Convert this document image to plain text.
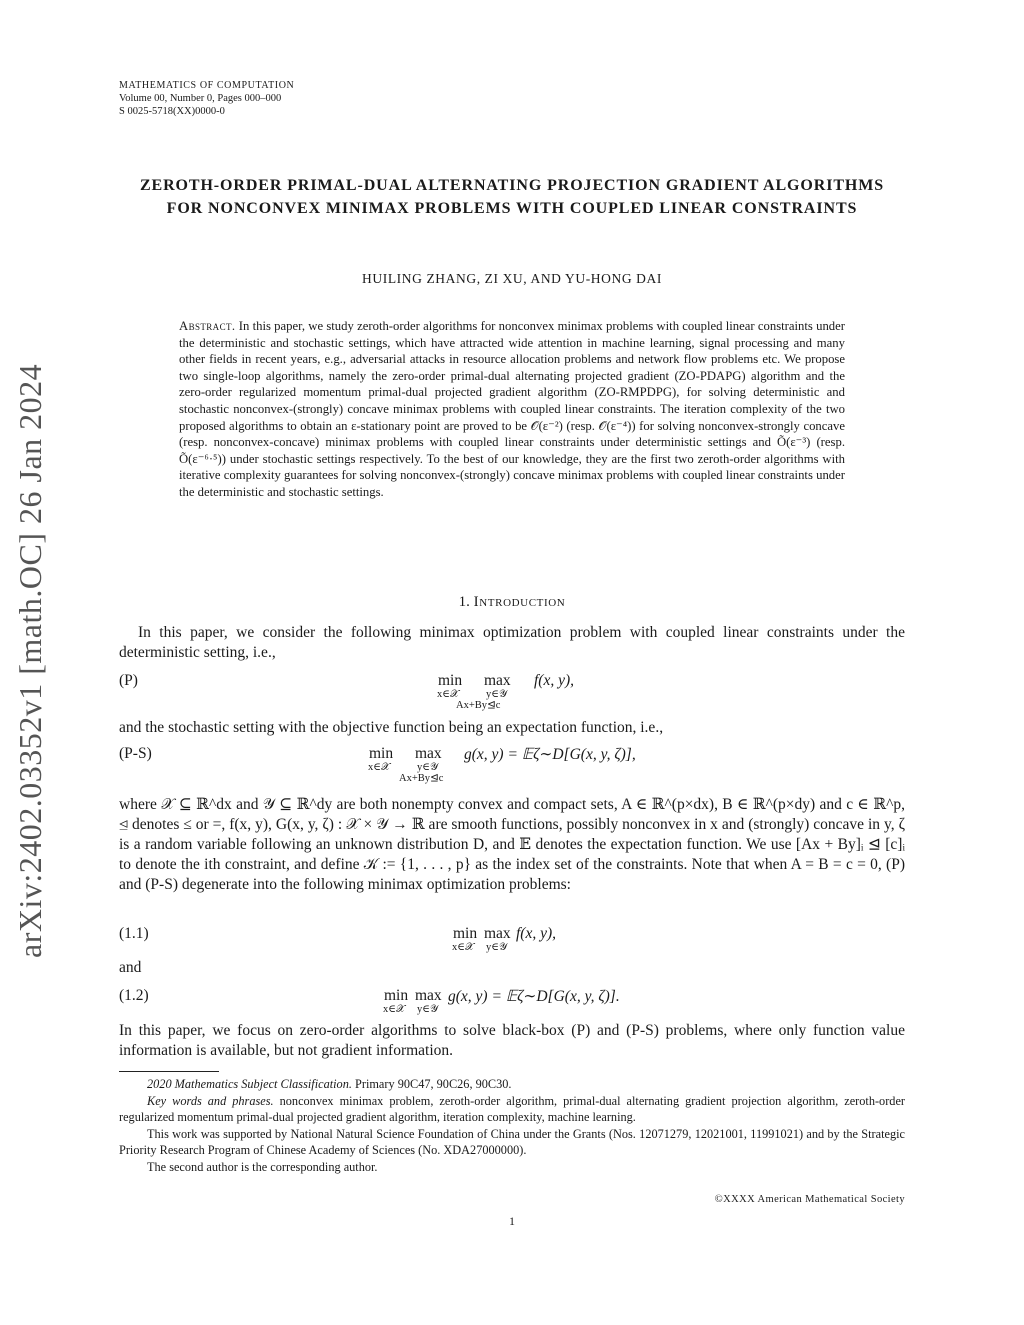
MATHEMATICS OF COMPUTATION
Volume 00, Number 0, Pages 000–000
S 0025-5718(XX)0000-0
arXiv:2402.03352v1 [math.OC] 26 Jan 2024
ZEROTH-ORDER PRIMAL-DUAL ALTERNATING PROJECTION GRADIENT ALGORITHMS FOR NONCONVEX MINIMAX PROBLEMS WITH COUPLED LINEAR CONSTRAINTS
HUILING ZHANG, ZI XU, AND YU-HONG DAI
Abstract. In this paper, we study zeroth-order algorithms for nonconvex minimax problems with coupled linear constraints under the deterministic and stochastic settings, which have attracted wide attention in machine learning, signal processing and many other fields in recent years, e.g., adversarial attacks in resource allocation problems and network flow problems etc. We propose two single-loop algorithms, namely the zero-order primal-dual alternating projected gradient (ZO-PDAPG) algorithm and the zero-order regularized momentum primal-dual projected gradient algorithm (ZO-RMPDPG), for solving deterministic and stochastic nonconvex-(strongly) concave minimax problems with coupled linear constraints. The iteration complexity of the two proposed algorithms to obtain an ε-stationary point are proved to be 𝒪(ε⁻²) (resp. 𝒪(ε⁻⁴)) for solving nonconvex-strongly concave (resp. nonconvex-concave) minimax problems with coupled linear constraints under deterministic settings and Õ(ε⁻³) (resp. Õ(ε⁻⁶·⁵)) under stochastic settings respectively. To the best of our knowledge, they are the first two zeroth-order algorithms with iterative complexity guarantees for solving nonconvex-(strongly) concave minimax problems with coupled linear constraints under the deterministic and stochastic settings.
1. Introduction
In this paper, we consider the following minimax optimization problem with coupled linear constraints under the deterministic setting, i.e.,
(P)	min
x∈𝒳
max
y∈𝒴
Ax+By⊴c
f(x, y),
and the stochastic setting with the objective function being an expectation function, i.e.,
(P-S)	min
x∈𝒳
max
y∈𝒴
Ax+By⊴c
g(x, y) = 𝔼ζ∼D[G(x, y, ζ)],
where 𝒳 ⊆ ℝ^dx and 𝒴 ⊆ ℝ^dy are both nonempty convex and compact sets, A ∈ ℝ^(p×dx), B ∈ ℝ^(p×dy) and c ∈ ℝ^p, ⊴ denotes ≤ or =, f(x, y), G(x, y, ζ) : 𝒳 × 𝒴 → ℝ are smooth functions, possibly nonconvex in x and (strongly) concave in y, ζ is a random variable following an unknown distribution D, and 𝔼 denotes the expectation function. We use [Ax + By]ᵢ ⊴ [c]ᵢ to denote the ith constraint, and define 𝒦 := {1, . . . , p} as the index set of the constraints. Note that when A = B = c = 0, (P) and (P-S) degenerate into the following minimax optimization problems:
(1.1)	min
x∈𝒳
max
y∈𝒴
f(x, y),
and
(1.2)	min
x∈𝒳
max
y∈𝒴
g(x, y) = 𝔼ζ∼D[G(x, y, ζ)].
In this paper, we focus on zero-order algorithms to solve black-box (P) and (P-S) problems, where only function value information is available, but not gradient information.

2020 Mathematics Subject Classification. Primary 90C47, 90C26, 90C30.

Key words and phrases. nonconvex minimax problem, zeroth-order algorithm, primal-dual alternating gradient projection algorithm, zeroth-order regularized momentum primal-dual projected gradient algorithm, iteration complexity, machine learning.

This work was supported by National Natural Science Foundation of China under the Grants (Nos. 12071279, 12021001, 11991021) and by the Strategic Priority Research Program of Chinese Academy of Sciences (No. XDA27000000).

The second author is the corresponding author.

©XXXX American Mathematical Society
1
